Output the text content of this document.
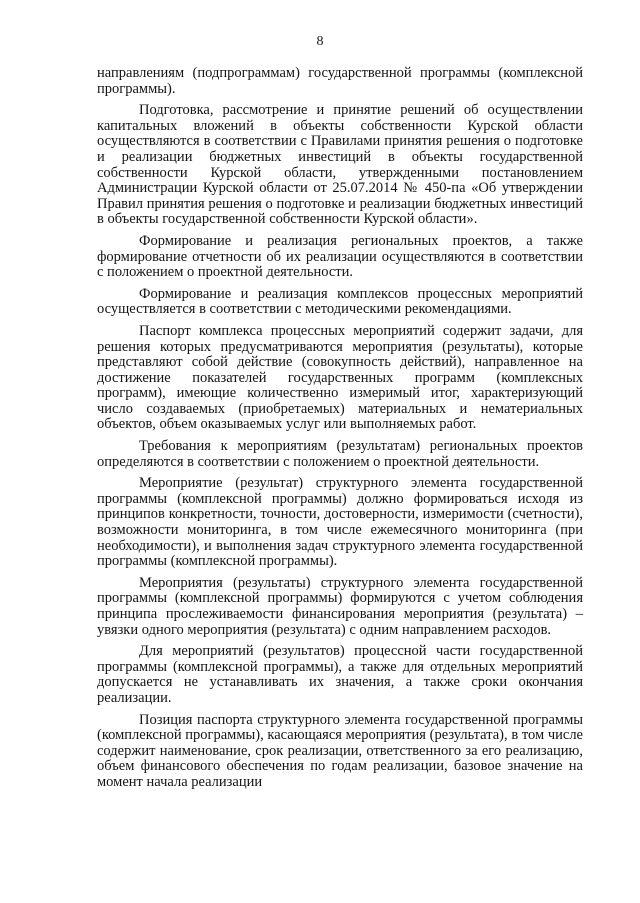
8

направлениям (подпрограммам) государственной программы (комплексной программы).

Подготовка, рассмотрение и принятие решений об осуществлении капитальных вложений в объекты собственности Курской области осуществляются в соответствии с Правилами принятия решения о подготовке и реализации бюджетных инвестиций в объекты государственной собственности Курской области, утвержденными постановлением Администрации Курской области от 25.07.2014 № 450-па «Об утверждении Правил принятия решения о подготовке и реализации бюджетных инвестиций в объекты государственной собственности Курской области».

Формирование и реализация региональных проектов, а также формирование отчетности об их реализации осуществляются в соответствии с положением о проектной деятельности.

Формирование и реализация комплексов процессных мероприятий осуществляется в соответствии с методическими рекомендациями.

Паспорт комплекса процессных мероприятий содержит задачи, для решения которых предусматриваются мероприятия (результаты), которые представляют собой действие (совокупность действий), направленное на достижение показателей государственных программ (комплексных программ), имеющие количественно измеримый итог, характеризующий число создаваемых (приобретаемых) материальных и нематериальных объектов, объем оказываемых услуг или выполняемых работ.

Требования к мероприятиям (результатам) региональных проектов определяются в соответствии с положением о проектной деятельности.

Мероприятие (результат) структурного элемента государственной программы (комплексной программы) должно формироваться исходя из принципов конкретности, точности, достоверности, измеримости (счетности), возможности мониторинга, в том числе ежемесячного мониторинга (при необходимости), и выполнения задач структурного элемента государственной программы (комплексной программы).

Мероприятия (результаты) структурного элемента государственной программы (комплексной программы) формируются с учетом соблюдения принципа прослеживаемости финансирования мероприятия (результата) – увязки одного мероприятия (результата) с одним направлением расходов.

Для мероприятий (результатов) процессной части государственной программы (комплексной программы), а также для отдельных мероприятий допускается не устанавливать их значения, а также сроки окончания реализации.

Позиция паспорта структурного элемента государственной программы (комплексной программы), касающаяся мероприятия (результата), в том числе содержит наименование, срок реализации, ответственного за его реализацию, объем финансового обеспечения по годам реализации, базовое значение на момент начала реализации
